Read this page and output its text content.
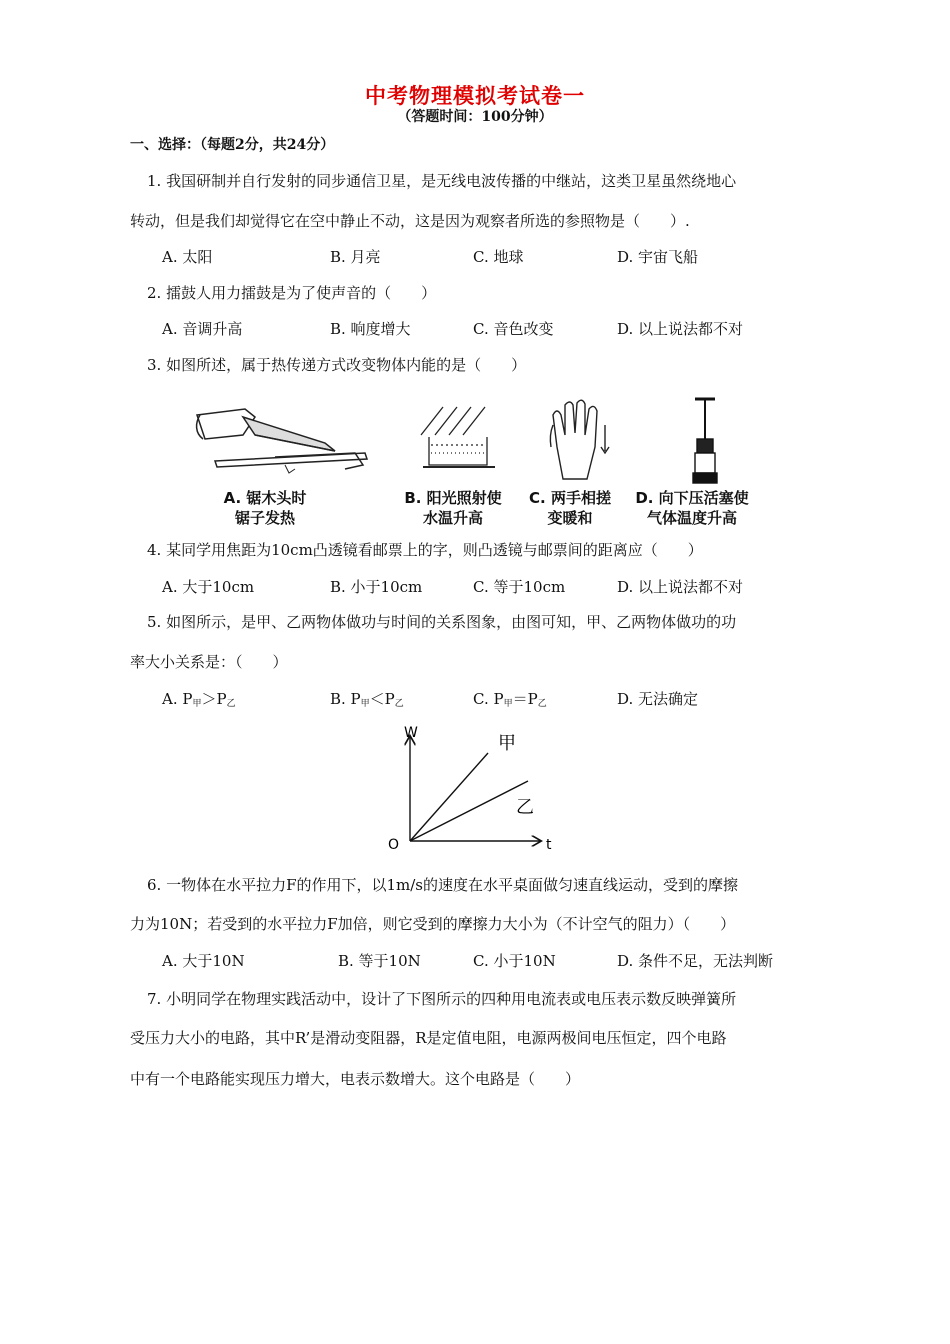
中考物理模拟考试卷一
（答题时间：100分钟）
一、选择：（每题2分，共24分）
1. 我国研制并自行发射的同步通信卫星，是无线电波传播的中继站，这类卫星虽然绕地心
转动，但是我们却觉得它在空中静止不动，这是因为观察者所选的参照物是（　　）.
A. 太阳	B. 月亮	C. 地球	D. 宇宙飞船
2. 擂鼓人用力擂鼓是为了使声音的（　　）
A. 音调升高	B. 响度增大	C. 音色改变	D. 以上说法都不对
3. 如图所述，属于热传递方式改变物体内能的是（　　）
A. 锯木头时
锯子发热
B. 阳光照射使
水温升高
C. 两手相搓
变暖和
D. 向下压活塞使
气体温度升高
4. 某同学用焦距为10cm凸透镜看邮票上的字，则凸透镜与邮票间的距离应（　　）
A. 大于10cm	B. 小于10cm	C. 等于10cm	D. 以上说法都不对
5. 如图所示，是甲、乙两物体做功与时间的关系图象，由图可知，甲、乙两物体做功的功
率大小关系是：（　　）
A. $P_甲>P_乙$	B. $P_甲<P_乙$	C. $P_甲=P_乙$	D. 无法确定
W
t
O
甲
乙
6. 一物体在水平拉力F的作用下，以1m/s的速度在水平桌面做匀速直线运动，受到的摩擦
力为10N；若受到的水平拉力F加倍，则它受到的摩擦力大小为（不计空气的阻力）（　　）
A. 大于10N	B. 等于10N	C. 小于10N	D. 条件不足，无法判断
7. 小明同学在物理实践活动中，设计了下图所示的四种用电流表或电压表示数反映弹簧所
受压力大小的电路，其中R’是滑动变阻器，R是定值电阻，电源两极间电压恒定，四个电路
中有一个电路能实现压力增大，电表示数增大。这个电路是（　　）
